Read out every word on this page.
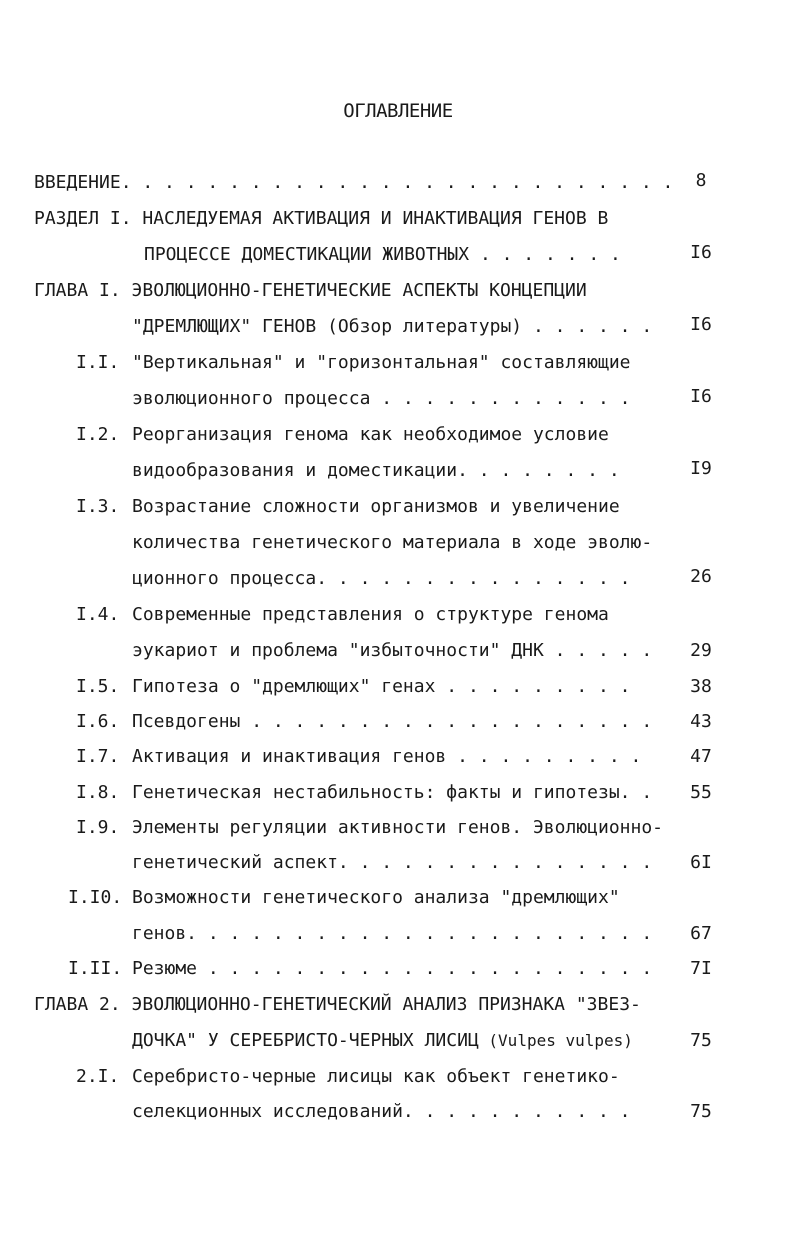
ОГЛАВЛЕНИЕ
ВВЕДЕНИЕ. . . . . . . . . . . . . . . . . . . . . . . . . .	8
РАЗДЕЛ I. НАСЛЕДУЕМАЯ АКТИВАЦИЯ И ИНАКТИВАЦИЯ ГЕНОВ В
ПРОЦЕССЕ ДОМЕСТИКАЦИИ ЖИВОТНЫХ . . . . . . .	I6
ГЛАВА I. ЭВОЛЮЦИОННО-ГЕНЕТИЧЕСКИЕ АСПЕКТЫ КОНЦЕПЦИИ
"ДРЕМЛЮЩИХ" ГЕНОВ (Обзор литературы) . . . . . .	I6
I.I. "Вертикальная" и "горизонтальная" составляющие
эволюционного процесса . . . . . . . . . . . .	I6
I.2. Реорганизация генома как необходимое условие
видообразования и доместикации. . . . . . . .	I9
I.3. Возрастание сложности организмов и увеличение
количества генетического материала в ходе эволю-
ционного процесса. . . . . . . . . . . . . . .	26
I.4. Современные представления о структуре генома
эукариот и проблема "избыточности" ДНК . . . . .	29
I.5. Гипотеза о "дремлющих" генах . . . . . . . . .	38
I.6. Псевдогены . . . . . . . . . . . . . . . . . . .	43
I.7. Активация и инактивация генов . . . . . . . . .	47
I.8. Генетическая нестабильность: факты и гипотезы. .	55
I.9. Элементы регуляции активности генов. Эволюционно-
генетический аспект. . . . . . . . . . . . . . .	6I
I.I0. Возможности генетического анализа "дремлющих"
генов. . . . . . . . . . . . . . . . . . . . . .	67
I.II. Резюме . . . . . . . . . . . . . . . . . . . . .	7I
ГЛАВА 2. ЭВОЛЮЦИОННО-ГЕНЕТИЧЕСКИЙ АНАЛИЗ ПРИЗНАКА "ЗВЕЗ-
ДОЧКА" У СЕРЕБРИСТО-ЧЕРНЫХ ЛИСИЦ (Vulpes vulpes)	75
2.I. Серебристо-черные лисицы как объект генетико-
селекционных исследований. . . . . . . . . . .	75
